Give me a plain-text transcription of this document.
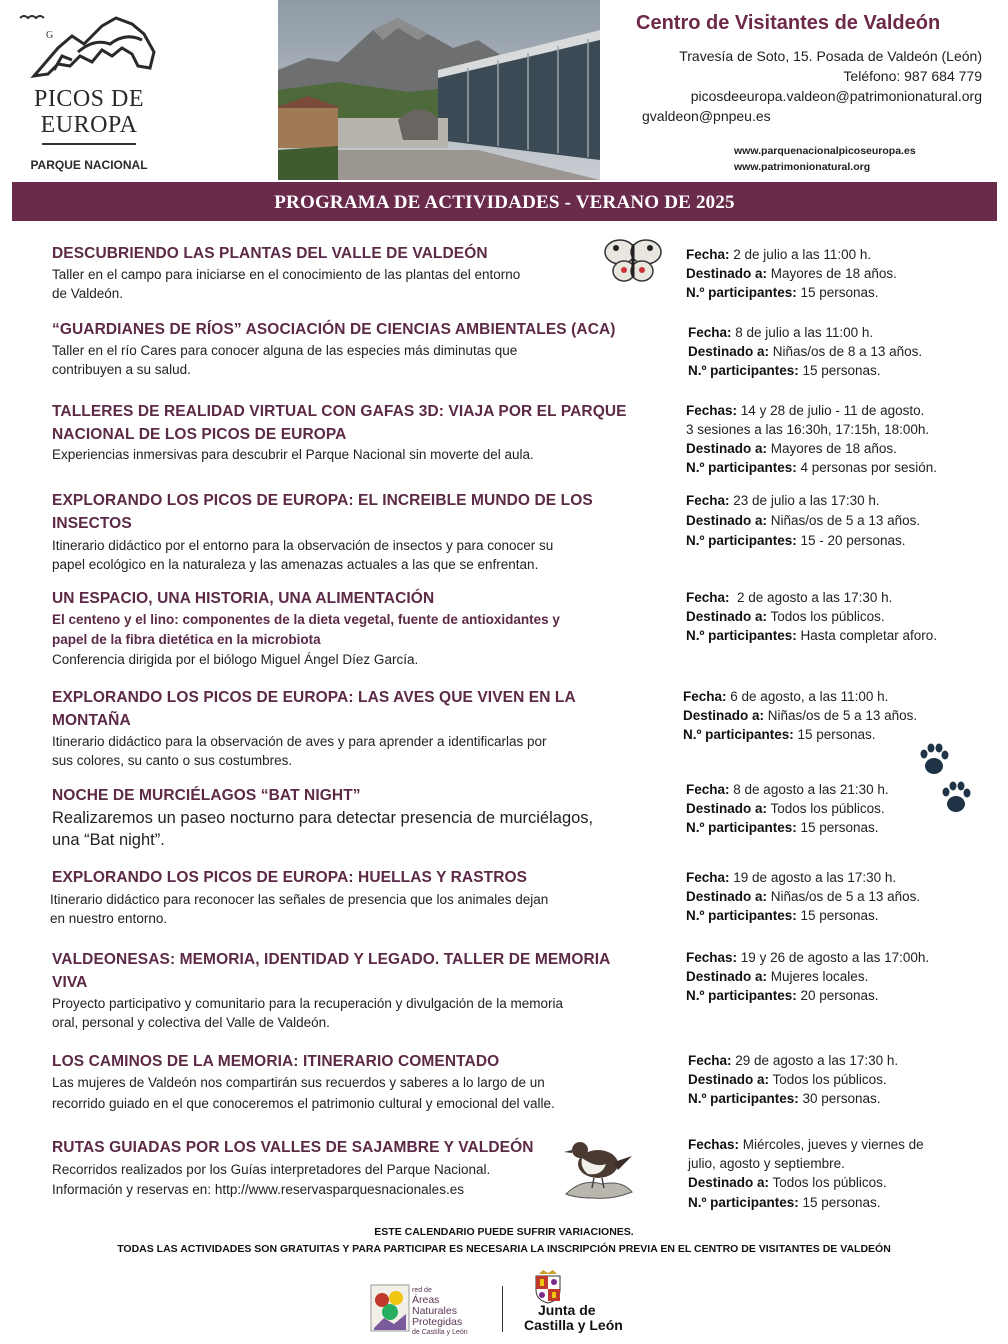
G
PICOS DE
EUROPA
PARQUE NACIONAL
Centro de Visitantes de Valdeón
Travesía de Soto, 15. Posada de Valdeón (León)
Teléfono: 987 684 779
picosdeeuropa.valdeon@patrimonionatural.org
gvaldeon@pnpeu.es
www.parquenacionalpicoseuropa.es
www.patrimonionatural.org
PROGRAMA DE ACTIVIDADES - VERANO DE 2025
DESCUBRIENDO LAS PLANTAS DEL VALLE DE VALDEÓN
Taller en el campo para iniciarse en el conocimiento de las plantas del entorno
de Valdeón.
Fecha: 2 de julio a las 11:00 h.
Destinado a: Mayores de 18 años.
N.º participantes: 15 personas.
“GUARDIANES DE RÍOS” ASOCIACIÓN DE CIENCIAS AMBIENTALES (ACA)
Taller en el río Cares para conocer alguna de las especies más diminutas que
contribuyen a su salud.
Fecha: 8 de julio a las 11:00 h.
Destinado a: Niñas/os de 8 a 13 años.
N.º participantes: 15 personas.
TALLERES DE REALIDAD VIRTUAL CON GAFAS 3D: VIAJA POR EL PARQUE
NACIONAL DE LOS PICOS DE EUROPA
Experiencias inmersivas para descubrir el Parque Nacional sin moverte del aula.
Fechas: 14 y 28 de julio - 11 de agosto.
3 sesiones a las 16:30h, 17:15h, 18:00h.
Destinado a: Mayores de 18 años.
N.º participantes: 4 personas por sesión.
EXPLORANDO LOS PICOS DE EUROPA: EL INCREIBLE MUNDO DE LOS
INSECTOS
Itinerario didáctico por el entorno para la observación de insectos y para conocer su
papel ecológico en la naturaleza y las amenazas actuales a las que se enfrentan.
Fecha: 23 de julio a las 17:30 h.
Destinado a: Niñas/os de 5 a 13 años.
N.º participantes: 15 - 20 personas.
UN ESPACIO, UNA HISTORIA, UNA ALIMENTACIÓN
El centeno y el lino: componentes de la dieta vegetal, fuente de antioxidantes y
papel de la fibra dietética en la microbiota
Conferencia dirigida por el biólogo Miguel Ángel Díez García.
Fecha:  2 de agosto a las 17:30 h.
Destinado a: Todos los públicos.
N.º participantes: Hasta completar aforo.
EXPLORANDO LOS PICOS DE EUROPA: LAS AVES QUE VIVEN EN LA
MONTAÑA
Itinerario didáctico para la observación de aves y para aprender a identificarlas por
sus colores, su canto o sus costumbres.
Fecha: 6 de agosto, a las 11:00 h.
Destinado a: Niñas/os de 5 a 13 años.
N.º participantes: 15 personas.
NOCHE DE MURCIÉLAGOS “BAT NIGHT”
Realizaremos un paseo nocturno para detectar presencia de murciélagos,
una “Bat night”.
Fecha: 8 de agosto a las 21:30 h.
Destinado a: Todos los públicos.
N.º participantes: 15 personas.
EXPLORANDO LOS PICOS DE EUROPA: HUELLAS Y RASTROS
Itinerario didáctico para reconocer las señales de presencia que los animales dejan
en nuestro entorno.
Fecha: 19 de agosto a las 17:30 h.
Destinado a: Niñas/os de 5 a 13 años.
N.º participantes: 15 personas.
VALDEONESAS: MEMORIA, IDENTIDAD Y LEGADO. TALLER DE MEMORIA
VIVA
Proyecto participativo y comunitario para la recuperación y divulgación de la memoria
oral, personal y colectiva del Valle de Valdeón.
Fechas: 19 y 26 de agosto a las 17:00h.
Destinado a: Mujeres locales.
N.º participantes: 20 personas.
LOS CAMINOS DE LA MEMORIA: ITINERARIO COMENTADO
Las mujeres de Valdeón nos compartirán sus recuerdos y saberes a lo largo de un
recorrido guiado en el que conoceremos el patrimonio cultural y emocional del valle.
Fecha: 29 de agosto a las 17:30 h.
Destinado a: Todos los públicos.
N.º participantes: 30 personas.
RUTAS GUIADAS POR LOS VALLES DE SAJAMBRE Y VALDEÓN
Recorridos realizados por los Guías interpretadores del Parque Nacional.
Información y reservas en: http://www.reservasparquesnacionales.es
Fechas: Miércoles, jueves y viernes de
julio, agosto y septiembre.
Destinado a: Todos los públicos.
N.º participantes: 15 personas.
ESTE CALENDARIO PUEDE SUFRIR VARIACIONES.
TODAS LAS ACTIVIDADES SON GRATUITAS Y PARA PARTICIPAR ES NECESARIA LA INSCRIPCIÓN PREVIA EN EL CENTRO DE VISITANTES DE VALDEÓN
red de
Áreas
Naturales
Protegidas
de Castilla y León
Junta de
Castilla y León
